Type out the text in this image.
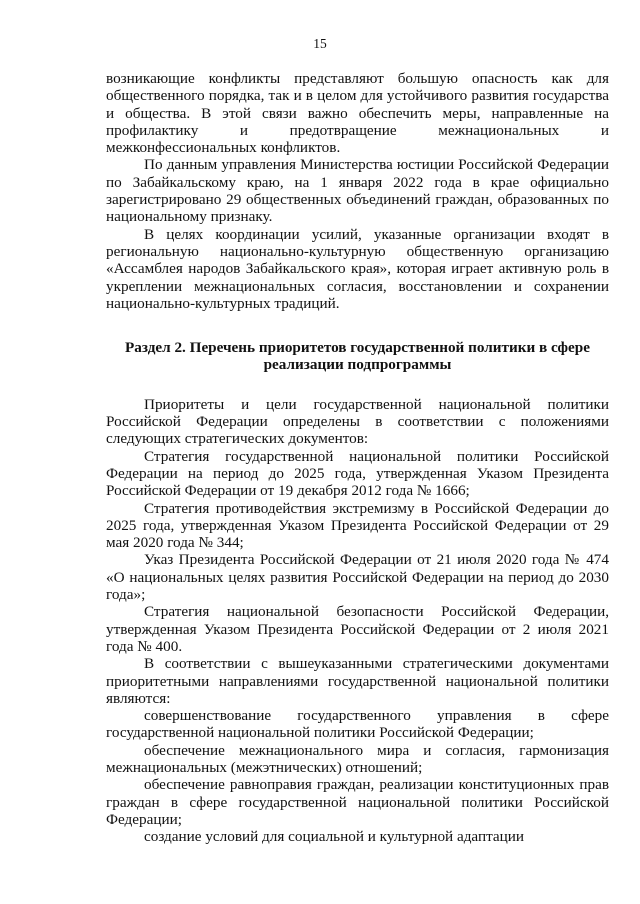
15

возникающие конфликты представляют большую опасность как для общественного порядка, так и в целом для устойчивого развития государства и общества. В этой связи важно обеспечить меры, направленные на профилактику и предотвращение межнациональных и межконфессиональных конфликтов.

По данным управления Министерства юстиции Российской Федерации по Забайкальскому краю, на 1 января 2022 года в крае официально зарегистрировано 29 общественных объединений граждан, образованных по национальному признаку.

В целях координации усилий, указанные организации входят в региональную национально-культурную общественную организацию «Ассамблея народов Забайкальского края», которая играет активную роль в укреплении межнациональных согласия, восстановлении и сохранении национально-культурных традиций.

Раздел 2. Перечень приоритетов государственной политики в сфере реализации подпрограммы

Приоритеты и цели государственной национальной политики Российской Федерации определены в соответствии с положениями следующих стратегических документов:

Стратегия государственной национальной политики Российской Федерации на период до 2025 года, утвержденная Указом Президента Российской Федерации от 19 декабря 2012 года № 1666;

Стратегия противодействия экстремизму в Российской Федерации до 2025 года, утвержденная Указом Президента Российской Федерации от 29 мая 2020 года № 344;

Указ Президента Российской Федерации от 21 июля 2020 года № 474 «О национальных целях развития Российской Федерации на период до 2030 года»;

Стратегия национальной безопасности Российской Федерации, утвержденная Указом Президента Российской Федерации от 2 июля 2021 года № 400.

В соответствии с вышеуказанными стратегическими документами приоритетными направлениями государственной национальной политики являются:

совершенствование государственного управления в сфере государственной национальной политики Российской Федерации;

обеспечение межнационального мира и согласия, гармонизация межнациональных (межэтнических) отношений;

обеспечение равноправия граждан, реализации конституционных прав граждан в сфере государственной национальной политики Российской Федерации;

создание условий для социальной и культурной адаптации
